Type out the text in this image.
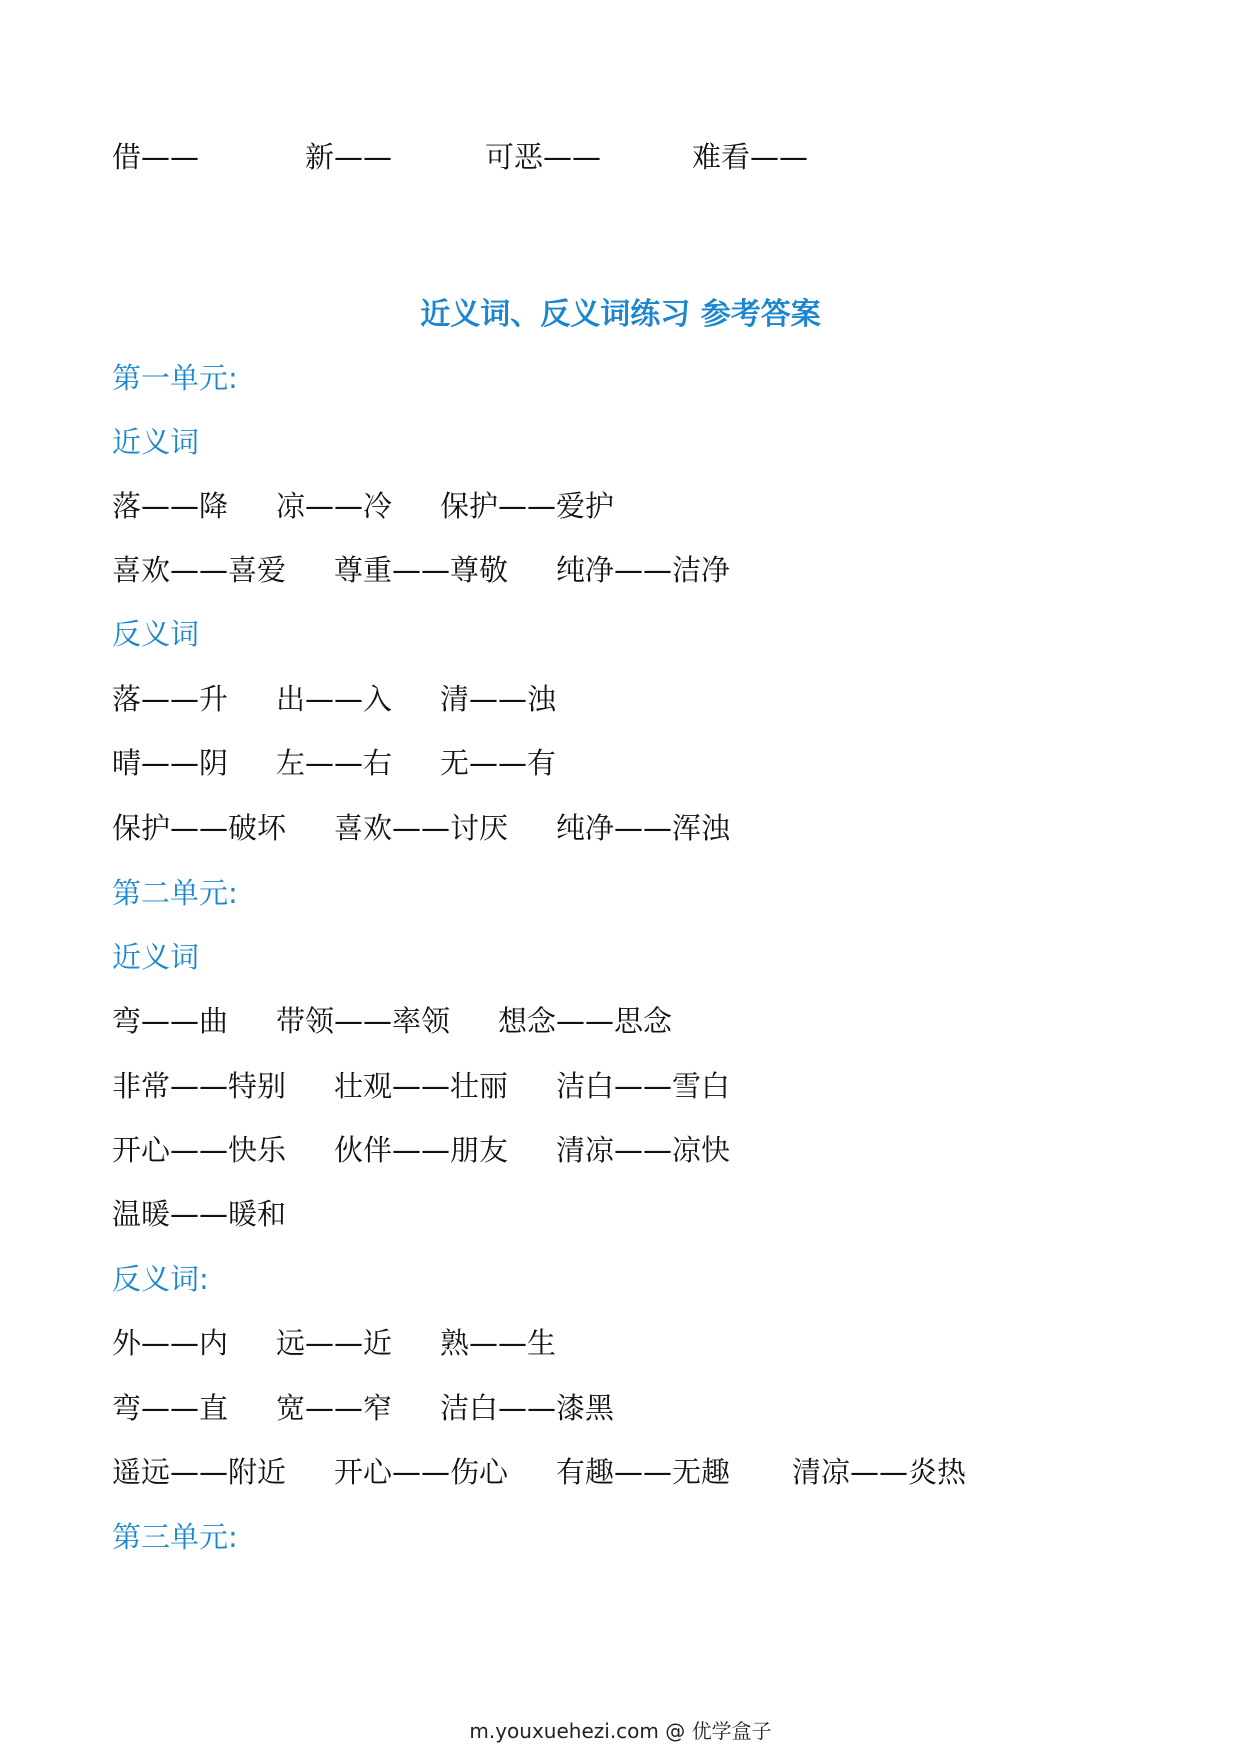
借——	新——	可恶——	难看——
近义词、反义词练习 参考答案
第一单元:
近义词
落——降 凉——冷 保护——爱护
喜欢——喜爱 尊重——尊敬 纯净——洁净
反义词
落——升 出——入 清——浊
晴——阴 左——右 无——有
保护——破坏 喜欢——讨厌 纯净——浑浊
第二单元:
近义词
弯——曲 带领——率领 想念——思念
非常——特别 壮观——壮丽 洁白——雪白
开心——快乐 伙伴——朋友 清凉——凉快
温暖——暖和
反义词:
外——内 远——近 熟——生
弯——直 宽——窄 洁白——漆黑
遥远——附近 开心——伤心 有趣——无趣 清凉——炎热
第三单元:
m.youxuehezi.com @ 优学盒子
